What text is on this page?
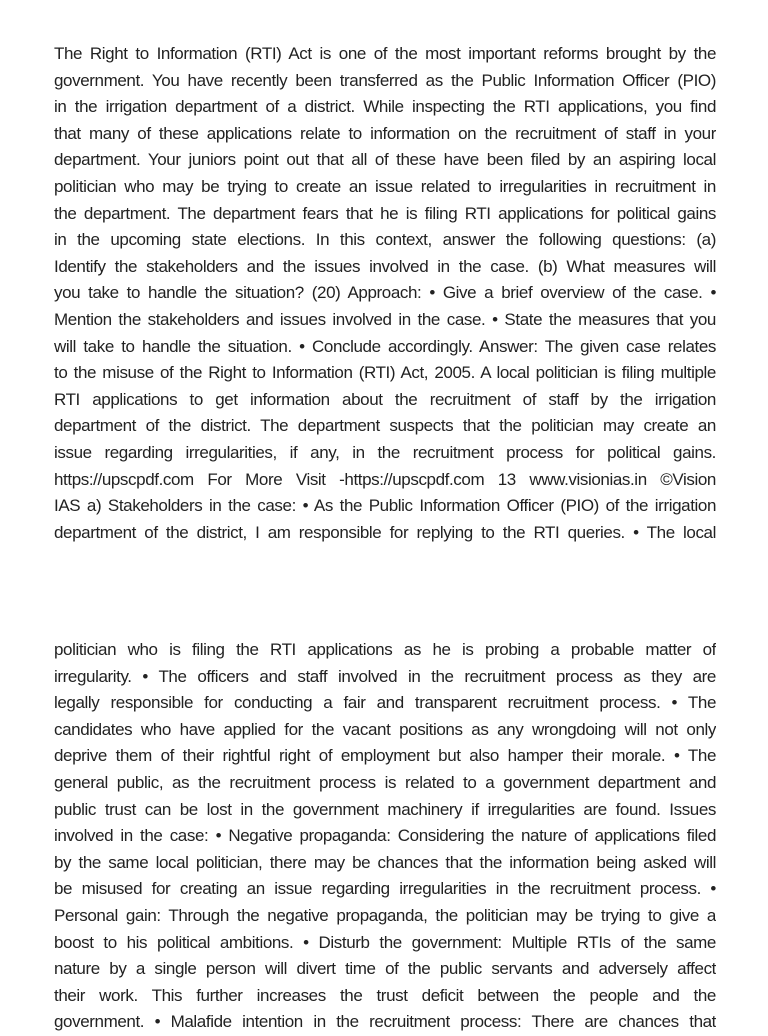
The Right to Information (RTI) Act is one of the most important reforms brought by the
government. You have recently been transferred as the Public Information Officer (PIO)
in the irrigation department of a district. While inspecting the RTI applications, you find
that many of these applications relate to information on the recruitment of staff in your
department. Your juniors point out that all of these have been filed by an aspiring local
politician who may be trying to create an issue related to irregularities in recruitment in
the department. The department fears that he is filing RTI applications for political gains
in the upcoming state elections. In this context, answer the following questions: (a)
Identify the stakeholders and the issues involved in the case. (b) What measures will
you take to handle the situation? (20) Approach: • Give a brief overview of the case. •
Mention the stakeholders and issues involved in the case. • State the measures that you
will take to handle the situation. • Conclude accordingly. Answer: The given case relates
to the misuse of the Right to Information (RTI) Act, 2005. A local politician is filing multiple
RTI applications to get information about the recruitment of staff by the irrigation
department of the district. The department suspects that the politician may create an
issue regarding irregularities, if any, in the recruitment process for political gains.
https://upscpdf.com For More Visit -https://upscpdf.com 13 www.visionias.in ©Vision
IAS a) Stakeholders in the case: • As the Public Information Officer (PIO) of the irrigation
department of the district, I am responsible for replying to the RTI queries. • The local
politician who is filing the RTI applications as he is probing a probable matter of
irregularity. • The officers and staff involved in the recruitment process as they are
legally responsible for conducting a fair and transparent recruitment process. • The
candidates who have applied for the vacant positions as any wrongdoing will not only
deprive them of their rightful right of employment but also hamper their morale. • The
general public, as the recruitment process is related to a government department and
public trust can be lost in the government machinery if irregularities are found. Issues
involved in the case: • Negative propaganda: Considering the nature of applications filed
by the same local politician, there may be chances that the information being asked will
be misused for creating an issue regarding irregularities in the recruitment process. •
Personal gain: Through the negative propaganda, the politician may be trying to give a
boost to his political ambitions. • Disturb the government: Multiple RTIs of the same
nature by a single person will divert time of the public servants and adversely affect
their work. This further increases the trust deficit between the people and the
government. • Malafide intention in the recruitment process: There are chances that
